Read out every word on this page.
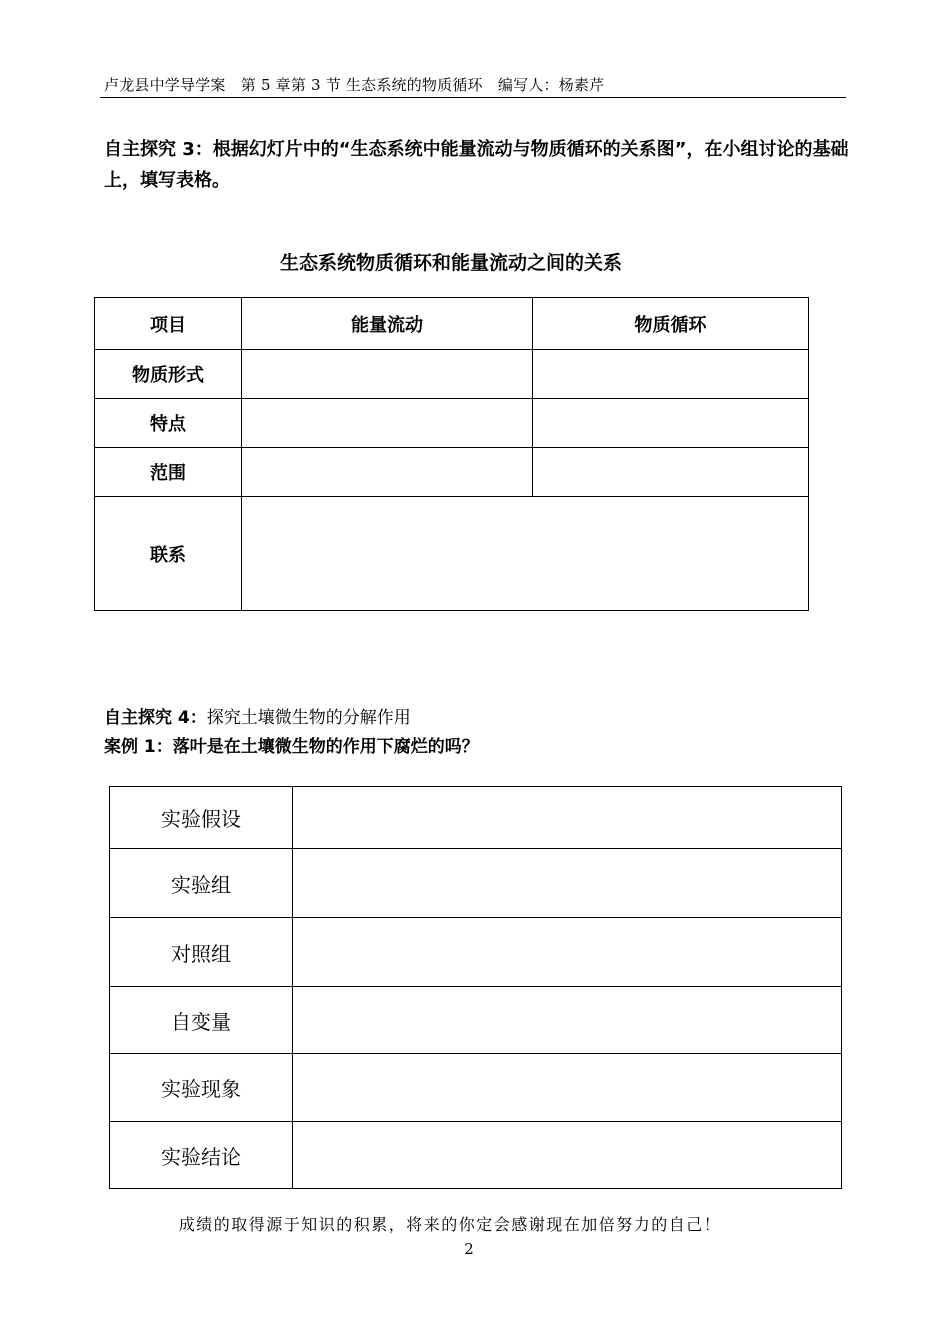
卢龙县中学导学案　第 5 章第 3 节 生态系统的物质循环　编写人：杨素芹
自主探究 3：根据幻灯片中的“生态系统中能量流动与物质循环的关系图”，在小组讨论的基础上，填写表格。
生态系统物质循环和能量流动之间的关系
项目	能量流动	物质循环
物质形式		
特点		
范围		
联系		
自主探究 4：探究土壤微生物的分解作用
案例 1：落叶是在土壤微生物的作用下腐烂的吗？
实验假设	
实验组	
对照组	
自变量	
实验现象	
实验结论	
成绩的取得源于知识的积累，将来的你定会感谢现在加倍努力的自己！
2
